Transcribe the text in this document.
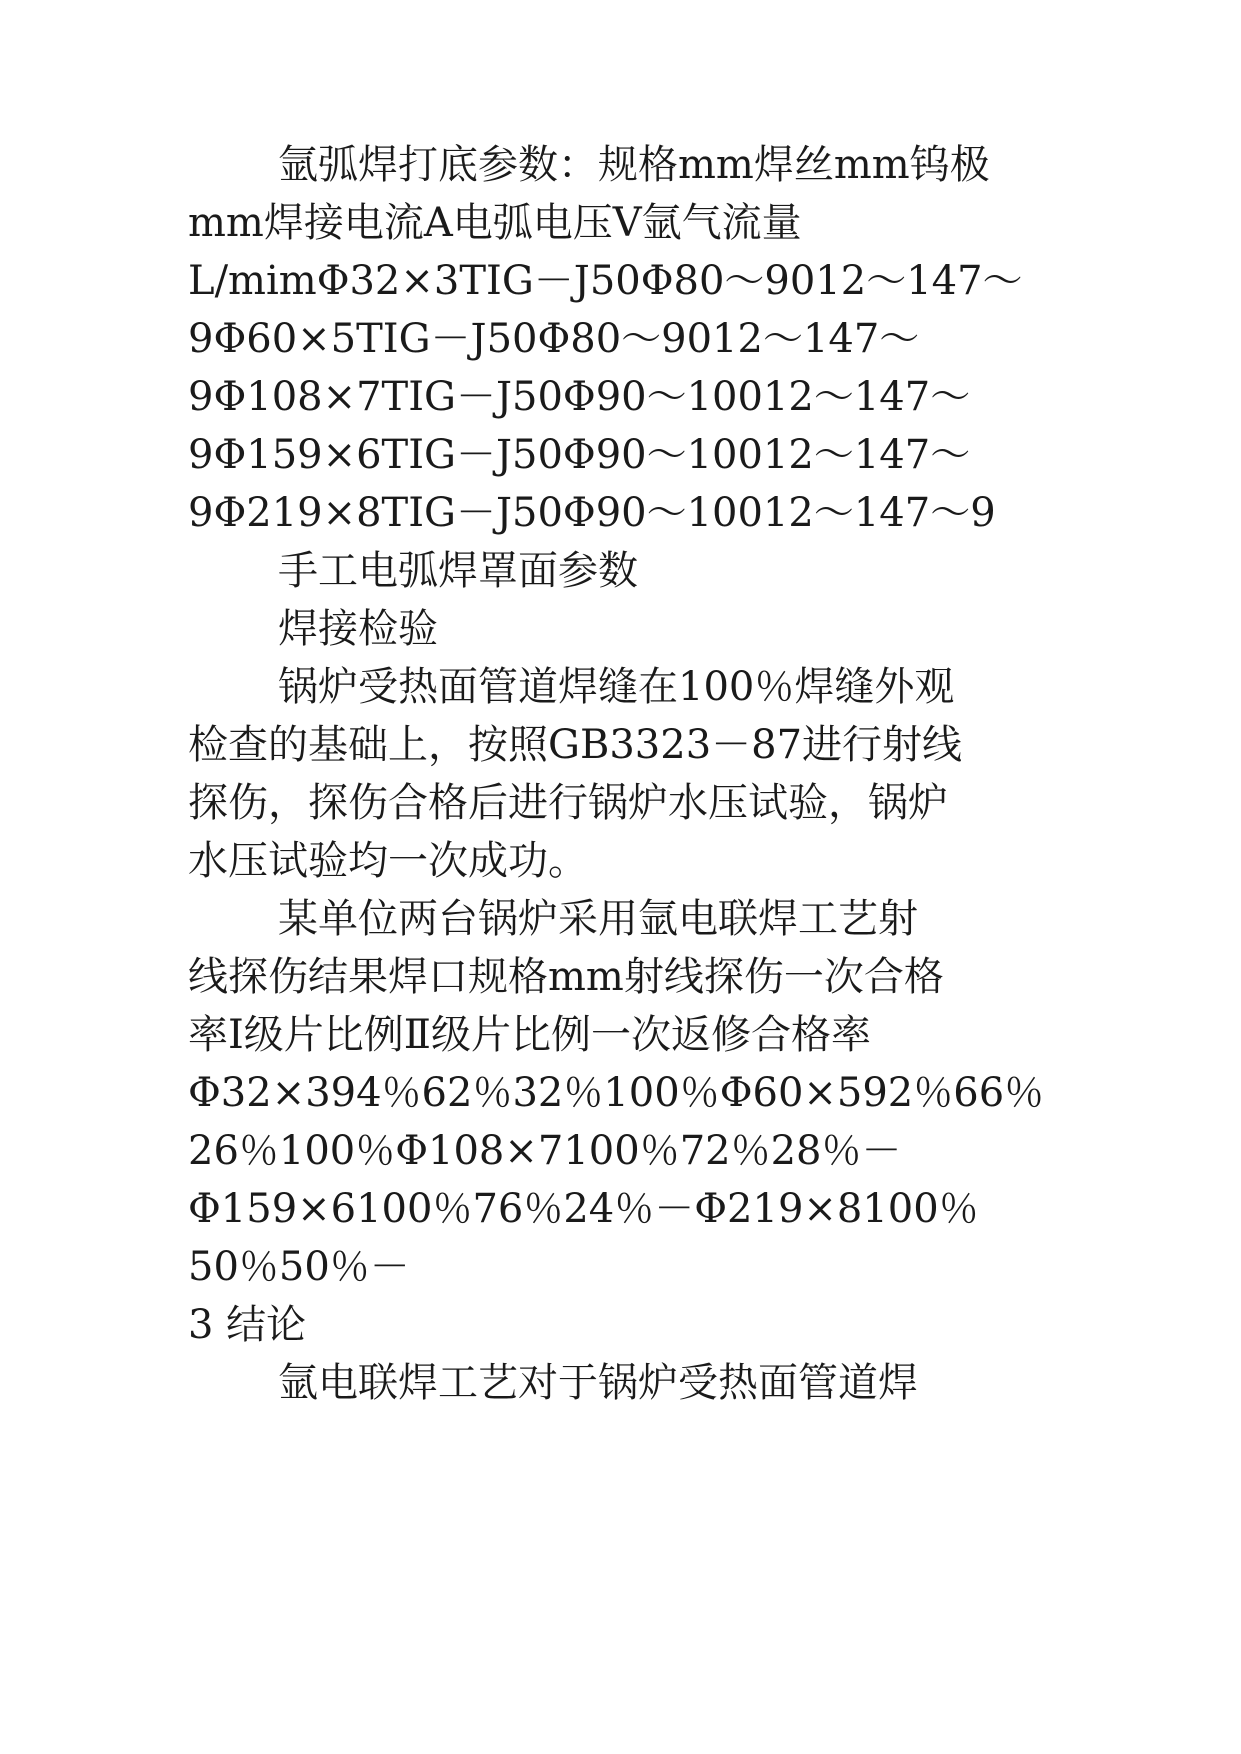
氩弧焊打底参数：规格mm焊丝mm钨极
mm焊接电流A电弧电压V氩气流量
L/mimΦ32×3TIG－J50Φ80～9012～147～
9Φ60×5TIG－J50Φ80～9012～147～
9Φ108×7TIG－J50Φ90～10012～147～
9Φ159×6TIG－J50Φ90～10012～147～
9Φ219×8TIG－J50Φ90～10012～147～9
手工电弧焊罩面参数
焊接检验
锅炉受热面管道焊缝在100％焊缝外观
检查的基础上，按照GB3323－87进行射线
探伤，探伤合格后进行锅炉水压试验，锅炉
水压试验均一次成功。
某单位两台锅炉采用氩电联焊工艺射
线探伤结果焊口规格mm射线探伤一次合格
率Ⅰ级片比例Ⅱ级片比例一次返修合格率
Φ32×394％62％32％100％Φ60×592％66％
26％100％Φ108×7100％72％28％－
Φ159×6100％76％24％－Φ219×8100％
50％50％－
3 结论
氩电联焊工艺对于锅炉受热面管道焊
